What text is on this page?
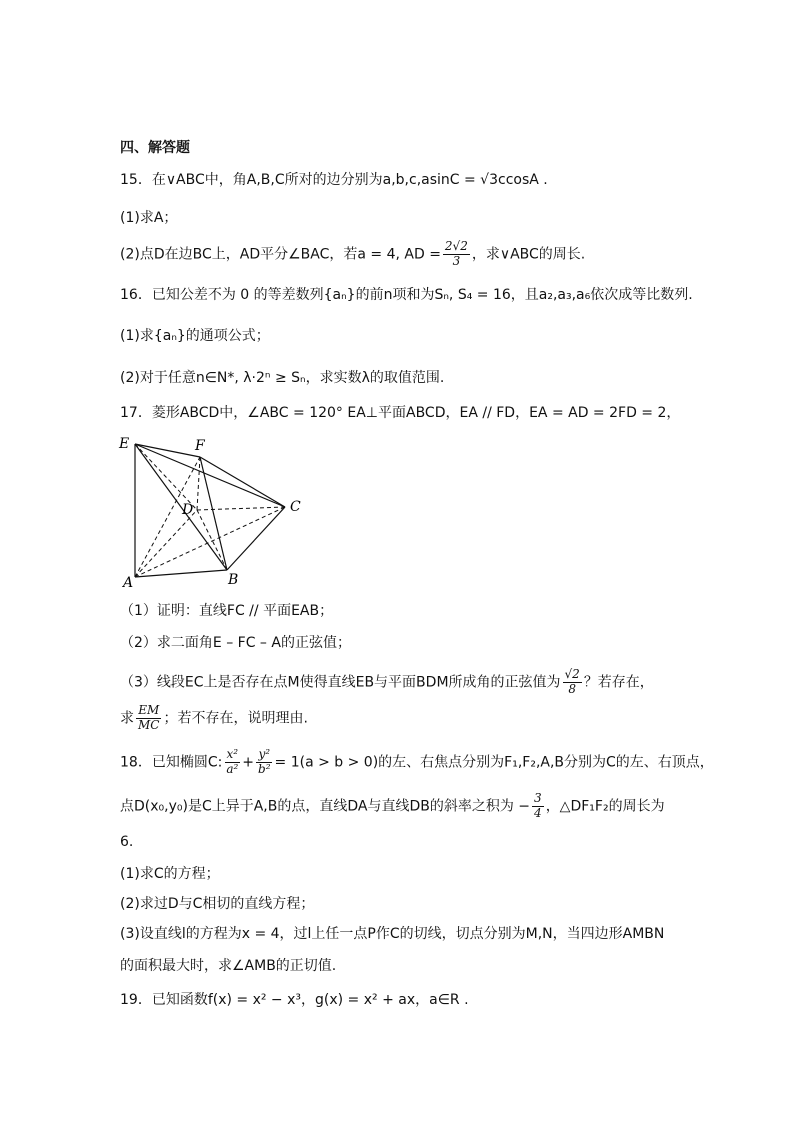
四、解答题
15．在∨ABC中，角A,B,C所对的边分别为a,b,c,asinC = √3ccosA .
(1)求A；
(2)点D在边BC上，AD平分∠BAC，若a = 4, AD = $\frac{2√2}{3}$ ，求∨ABC的周长.
16．已知公差不为 0 的等差数列{aₙ}的前n项和为Sₙ, S₄ = 16，且a₂,a₃,a₆依次成等比数列.
(1)求{aₙ}的通项公式；
(2)对于任意n∈N*, λ·2ⁿ ≥ Sₙ，求实数λ的取值范围.
17．菱形ABCD中，∠ABC = 120° EA⊥平面ABCD，EA // FD，EA = AD = 2FD = 2，
E	F
D	C
A	B
（1）证明：直线FC // 平面EAB；
（2）求二面角E – FC – A的正弦值；
（3）线段EC上是否存在点M使得直线EB与平面BDM所成角的正弦值为 $\frac{√2}{8}$ ？若存在，
求 $\frac{EM}{MC}$ ；若不存在，说明理由.
18．已知椭圆C: $\frac{\text{x²}}{\text{a²}} + \frac{\text{y²}}{\text{b²}} = 1(a > b > 0)$的左、右焦点分别为F₁,F₂,A,B分别为C的左、右顶点，
点D(x₀,y₀)是C上异于A,B的点，直线DA与直线DB的斜率之积为 − $\frac{3}{4}$ ，△DF₁F₂的周长为
6.
(1)求C的方程；
(2)求过D与C相切的直线方程；
(3)设直线l的方程为x = 4，过l上任一点P作C的切线，切点分别为M,N，当四边形AMBN
的面积最大时，求∠AMB的正切值.
19．已知函数f(x) = x² − x³，g(x) = x² + ax，a∈R .
